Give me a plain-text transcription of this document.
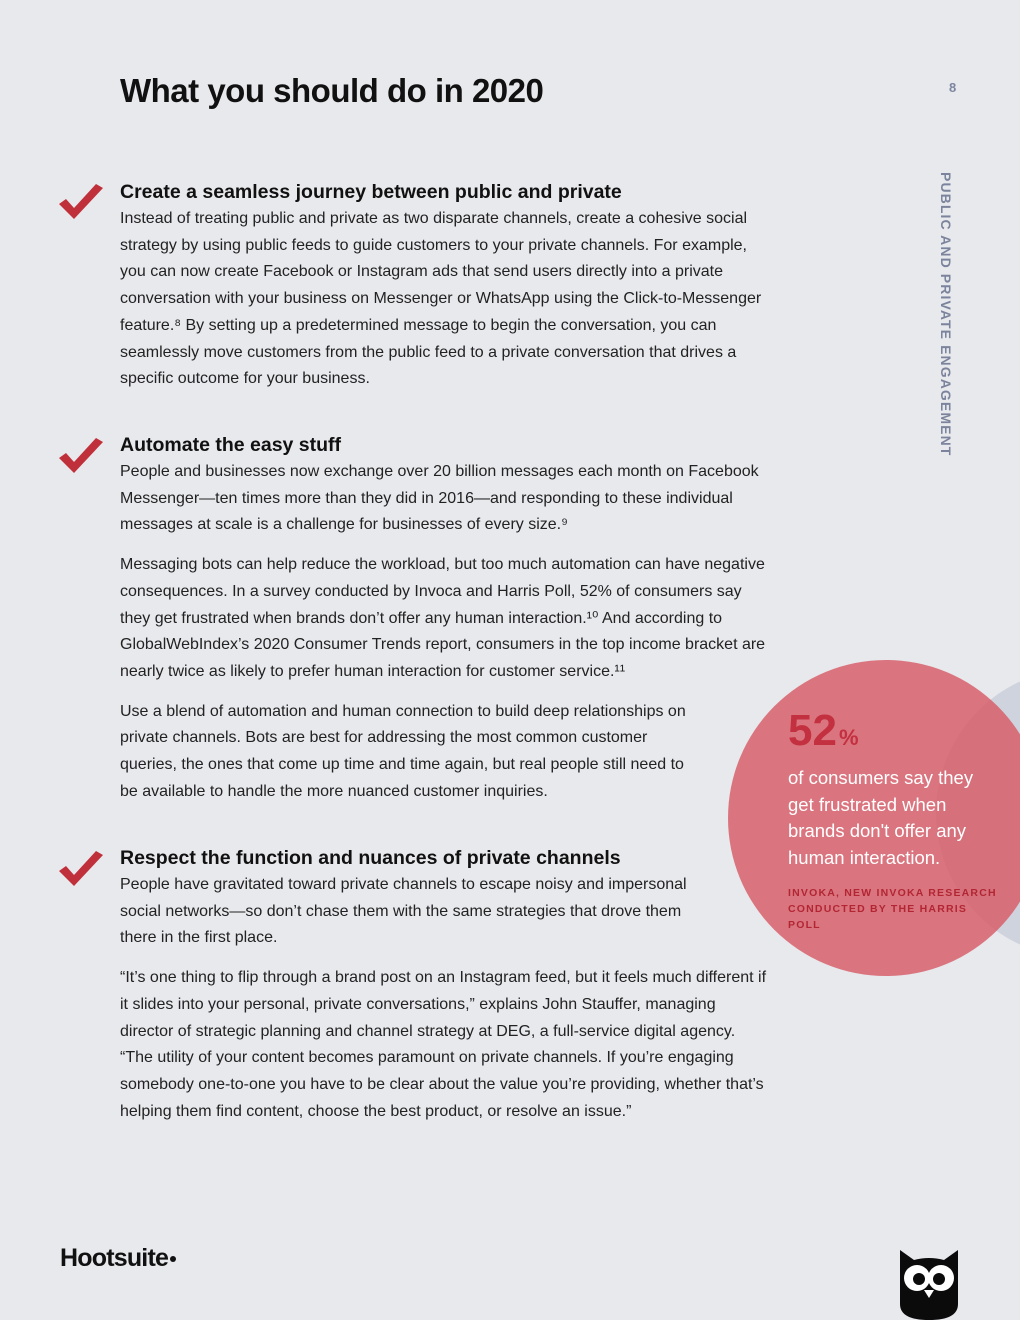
What you should do in 2020	8
PUBLIC AND PRIVATE ENGAGEMENT
Create a seamless journey between public and private

Instead of treating public and private as two disparate channels, create a cohesive social strategy by using public feeds to guide customers to your private channels. For example, you can now create Facebook or Instagram ads that send users directly into a private conversation with your business on Messenger or WhatsApp using the Click-to-Messenger feature.⁸ By setting up a predetermined message to begin the conversation, you can seamlessly move customers from the public feed to a private conversation that drives a specific outcome for your business.

Automate the easy stuff

People and businesses now exchange over 20 billion messages each month on Facebook Messenger—ten times more than they did in 2016—and responding to these individual messages at scale is a challenge for businesses of every size.⁹

Messaging bots can help reduce the workload, but too much automation can have negative consequences. In a survey conducted by Invoca and Harris Poll, 52% of consumers say they get frustrated when brands don’t offer any human interaction.¹⁰ And according to GlobalWebIndex’s 2020 Consumer Trends report, consumers in the top income bracket are nearly twice as likely to prefer human interaction for customer service.¹¹

Use a blend of automation and human connection to build deep relationships on private channels. Bots are best for addressing the most common customer queries, the ones that come up time and time again, but real people still need to be available to handle the more nuanced customer inquiries.

Respect the function and nuances of private channels

People have gravitated toward private channels to escape noisy and impersonal social networks—so don’t chase them with the same strategies that drove them there in the first place.

“It’s one thing to flip through a brand post on an Instagram feed, but it feels much different if it slides into your personal, private conversations,” explains John Stauffer, managing director of strategic planning and channel strategy at DEG, a full-service digital agency. “The utility of your content becomes paramount on private channels. If you’re engaging somebody one-to-one you have to be clear about the value you’re providing, whether that’s helping them find content, choose the best product, or resolve an issue.”

52%
of consumers say they get frustrated when brands don't offer any human interaction.
INVOKA, NEW INVOKA RESEARCH CONDUCTED BY THE HARRIS POLL
Hootsuite
